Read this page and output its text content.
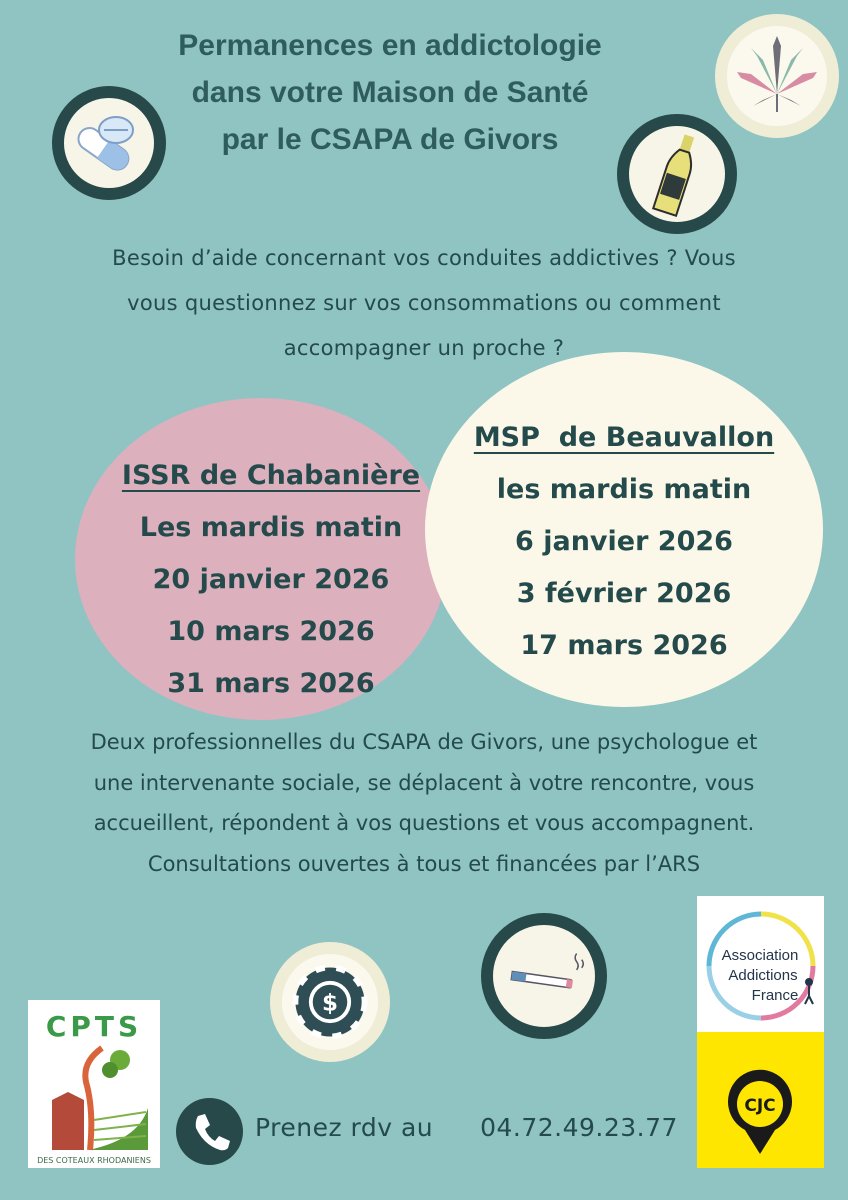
Permanences en addictologie
dans votre Maison de Santé
par le CSAPA de Givors
Besoin d’aide concernant vos conduites addictives ? Vous
vous questionnez sur vos consommations ou comment
accompagner un proche ?
ISSR de Chabanière
Les mardis matin
20 janvier 2026
10 mars 2026
31 mars 2026
MSP  de Beauvallon
les mardis matin
6 janvier 2026
3 février 2026
17 mars 2026
Deux professionnelles du CSAPA de Givors, une psychologue et
une intervenante sociale, se déplacent à votre rencontre, vous
accueillent, répondent à vos questions et vous accompagnent.
Consultations ouvertes à tous et financées par l’ARS
$
CPTS
DES COTEAUX RHODANIENS
Prenez rdv au 04.72.49.23.77
Association
Addictions
France
CJC
